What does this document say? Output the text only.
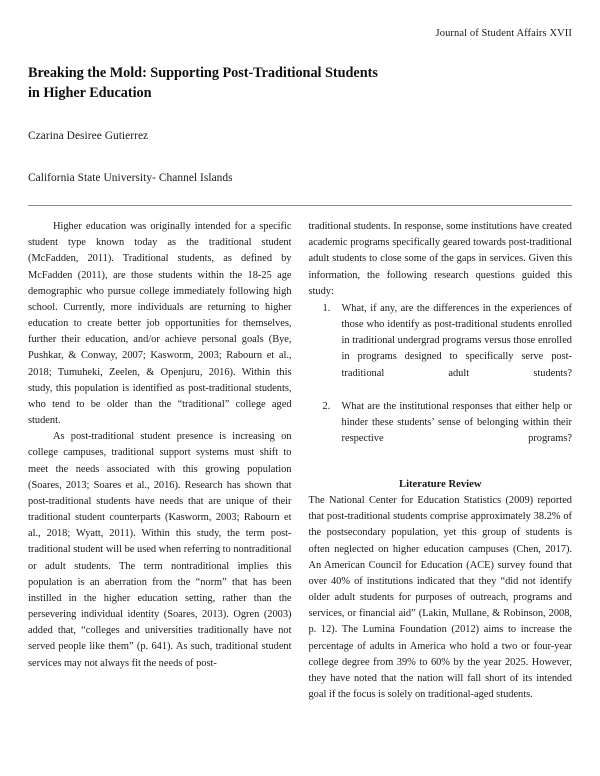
Journal of Student Affairs XVII
Breaking the Mold: Supporting Post-Traditional Students
in Higher Education
Czarina Desiree Gutierrez
California State University- Channel Islands

Higher education was originally intended for a specific student type known today as the traditional student (McFadden, 2011). Traditional students, as defined by McFadden (2011), are those students within the 18-25 age demographic who pursue college immediately following high school. Currently, more individuals are returning to higher education to create better job opportunities for themselves, further their education, and/or achieve personal goals (Bye, Pushkar, & Conway, 2007; Kasworm, 2003; Rabourn et al., 2018; Tumuheki, Zeelen, & Openjuru, 2016). Within this study, this population is identified as post-traditional students, who tend to be older than the “traditional” college aged student.

As post-traditional student presence is increasing on college campuses, traditional support systems must shift to meet the needs associated with this growing population (Soares, 2013; Soares et al., 2016). Research has shown that post-traditional students have needs that are unique of their traditional student counterparts (Kasworm, 2003; Rabourn et al., 2018; Wyatt, 2011). Within this study, the term post-traditional student will be used when referring to nontraditional or adult students. The term nontraditional implies this population is an aberration from the “norm” that has been instilled in the higher education setting, rather than the persevering individual identity (Soares, 2013). Ogren (2003) added that, “colleges and universities traditionally have not served people like them” (p. 641). As such, traditional student services may not always fit the needs of post-

traditional students. In response, some institutions have created academic programs specifically geared towards post-traditional adult students to close some of the gaps in services. Given this information, the following research questions guided this study:

1.	What, if any, are the differences in the experiences of those who identify as post-traditional students enrolled in traditional undergrad programs versus those enrolled in programs designed to specifically serve post-traditional adult students?
2.	What are the institutional responses that either help or hinder these students’ sense of belonging within their respective programs?
Literature Review

The National Center for Education Statistics (2009) reported that post-traditional students comprise approximately 38.2% of the postsecondary population, yet this group of students is often neglected on higher education campuses (Chen, 2017). An American Council for Education (ACE) survey found that over 40% of institutions indicated that they “did not identify older adult students for purposes of outreach, programs and services, or financial aid” (Lakin, Mullane, & Robinson, 2008, p. 12). The Lumina Foundation (2012) aims to increase the percentage of adults in America who hold a two or four-year college degree from 39% to 60% by the year 2025. However, they have noted that the nation will fall short of its intended goal if the focus is solely on traditional-aged students.
